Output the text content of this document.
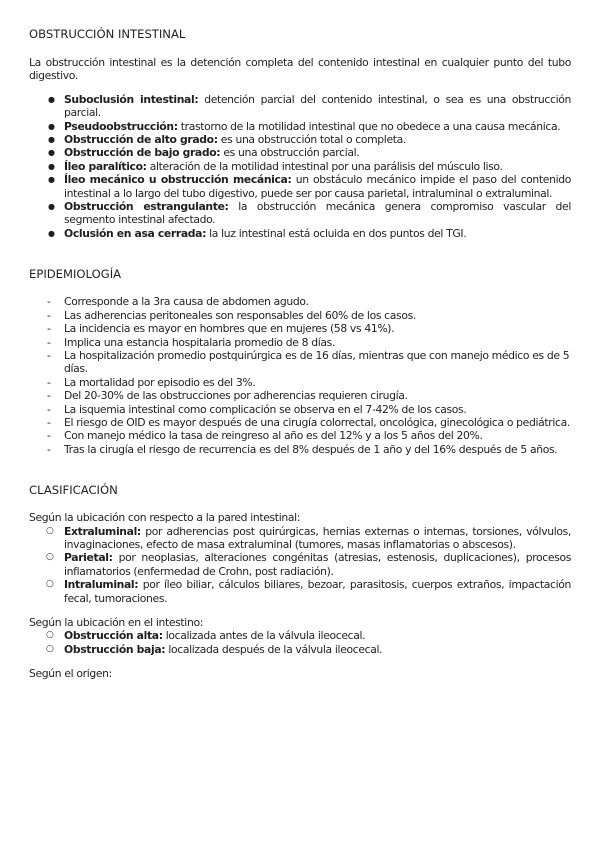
OBSTRUCCIÓN INTESTINAL

La obstrucción intestinal es la detención completa del contenido intestinal en cualquier punto del tubo digestivo.

● Suboclusión intestinal: detención parcial del contenido intestinal, o sea es una obstrucción parcial.
● Pseudoobstrucción: trastorno de la motilidad intestinal que no obedece a una causa mecánica.
● Obstrucción de alto grado: es una obstrucción total o completa.
● Obstrucción de bajo grado: es una obstrucción parcial.
● Íleo paralítico: alteración de la motilidad intestinal por una parálisis del músculo liso.
● Íleo mecánico u obstrucción mecánica: un obstáculo mecánico impide el paso del contenido intestinal a lo largo del tubo digestivo, puede ser por causa parietal, intraluminal o extraluminal.
● Obstrucción estrangulante: la obstrucción mecánica genera compromiso vascular del segmento intestinal afectado.
● Oclusión en asa cerrada: la luz intestinal está ocluida en dos puntos del TGI.
EPIDEMIOLOGÍA
- Corresponde a la 3ra causa de abdomen agudo.
- Las adherencias peritoneales son responsables del 60% de los casos.
- La incidencia es mayor en hombres que en mujeres (58 vs 41%).
- Implica una estancia hospitalaria promedio de 8 días.
- La hospitalización promedio postquirúrgica es de 16 días, mientras que con manejo médico es de 5 días.
- La mortalidad por episodio es del 3%.
- Del 20-30% de las obstrucciones por adherencias requieren cirugía.
- La isquemia intestinal como complicación se observa en el 7-42% de los casos.
- El riesgo de OID es mayor después de una cirugía colorrectal, oncológica, ginecológica o pediátrica.
- Con manejo médico la tasa de reingreso al año es del 12% y a los 5 años del 20%.
- Tras la cirugía el riesgo de recurrencia es del 8% después de 1 año y del 16% después de 5 años.
CLASIFICACIÓN

Según la ubicación con respecto a la pared intestinal:

○ Extraluminal: por adherencias post quirúrgicas, hernias externas o internas, torsiones, vólvulos, invaginaciones, efecto de masa extraluminal (tumores, masas inflamatorias o abscesos).
○ Parietal: por neoplasias, alteraciones congénitas (atresias, estenosis, duplicaciones), procesos inflamatorios (enfermedad de Crohn, post radiación).
○ Intraluminal: por íleo biliar, cálculos biliares, bezoar, parasitosis, cuerpos extraños, impactación fecal, tumoraciones.

Según la ubicación en el intestino:

○ Obstrucción alta: localizada antes de la válvula ileocecal.
○ Obstrucción baja: localizada después de la válvula ileocecal.

Según el origen:
